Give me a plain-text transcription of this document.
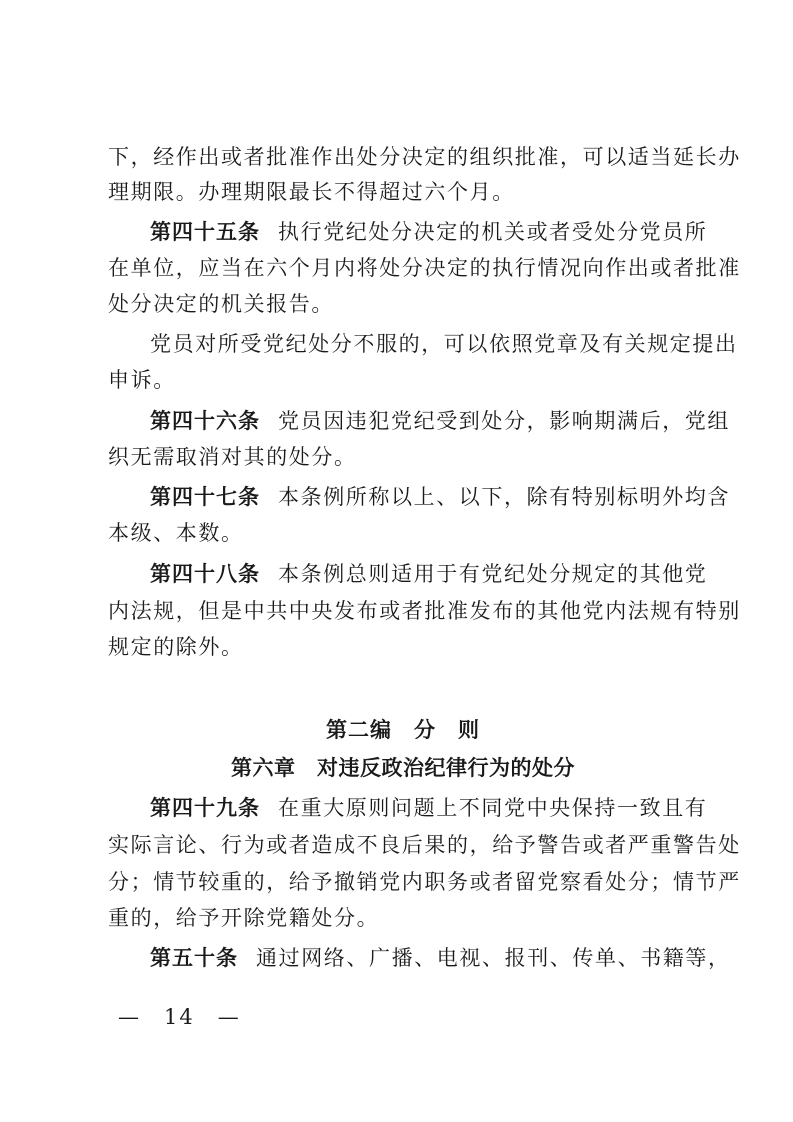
下，经作出或者批准作出处分决定的组织批准，可以适当延长办
理期限。办理期限最长不得超过六个月。
第四十五条 执行党纪处分决定的机关或者受处分党员所
在单位，应当在六个月内将处分决定的执行情况向作出或者批准
处分决定的机关报告。
党员对所受党纪处分不服的，可以依照党章及有关规定提出
申诉。
第四十六条 党员因违犯党纪受到处分，影响期满后，党组
织无需取消对其的处分。
第四十七条 本条例所称以上、以下，除有特别标明外均含
本级、本数。
第四十八条 本条例总则适用于有党纪处分规定的其他党
内法规，但是中共中央发布或者批准发布的其他党内法规有特别
规定的除外。
第二编　分　则
第六章　对违反政治纪律行为的处分
第四十九条 在重大原则问题上不同党中央保持一致且有
实际言论、行为或者造成不良后果的，给予警告或者严重警告处
分；情节较重的，给予撤销党内职务或者留党察看处分；情节严
重的，给予开除党籍处分。
第五十条 通过网络、广播、电视、报刊、传单、书籍等，
—　14　—
